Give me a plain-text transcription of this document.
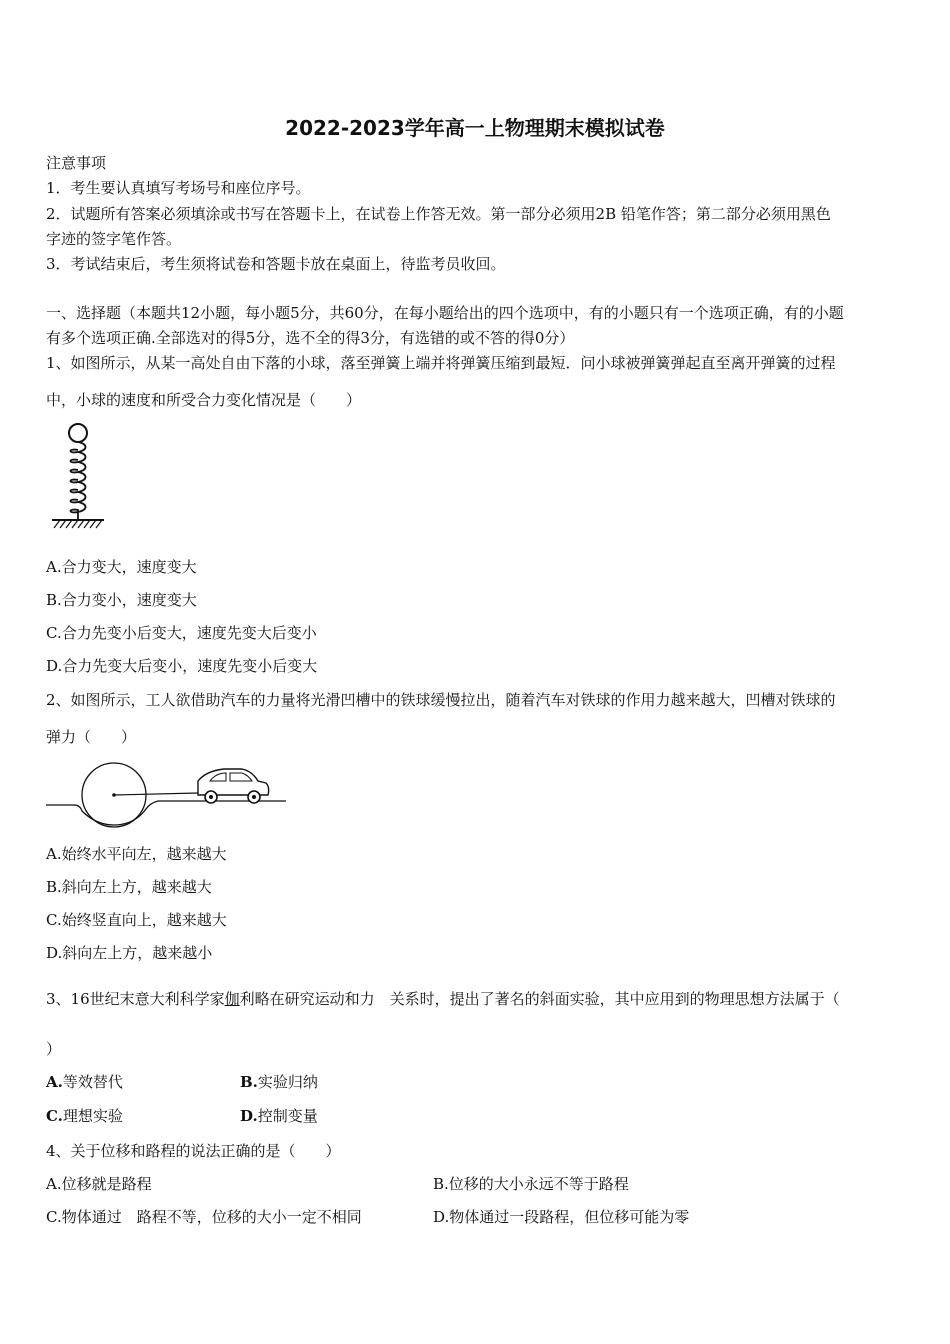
2022-2023学年高一上物理期末模拟试卷
注意事项
1．考生要认真填写考场号和座位序号。
2．试题所有答案必须填涂或书写在答题卡上，在试卷上作答无效。第一部分必须用2B 铅笔作答；第二部分必须用黑色
字迹的签字笔作答。
3．考试结束后，考生须将试卷和答题卡放在桌面上，待监考员收回。
一、选择题（本题共12小题，每小题5分，共60分，在每小题给出的四个选项中，有的小题只有一个选项正确，有的小题
有多个选项正确.全部选对的得5分，选不全的得3分，有选错的或不答的得0分）
1、如图所示，从某一高处自由下落的小球，落至弹簧上端并将弹簧压缩到最短．问小球被弹簧弹起直至离开弹簧的过程
中，小球的速度和所受合力变化情况是（　　）
A.合力变大，速度变大
B.合力变小，速度变大
C.合力先变小后变大，速度先变大后变小
D.合力先变大后变小，速度先变小后变大
2、如图所示，工人欲借助汽车的力量将光滑凹槽中的铁球缓慢拉出，随着汽车对铁球的作用力越来越大，凹槽对铁球的
弹力（　　）
A.始终水平向左，越来越大
B.斜向左上方，越来越大
C.始终竖直向上，越来越大
D.斜向左上方，越来越小
3、16世纪末意大利科学家伽利略在研究运动和力　关系时，提出了著名的斜面实验，其中应用到的物理思想方法属于（
）
A.等效替代	B.实验归纳
C.理想实验	D.控制变量
4、关于位移和路程的说法正确的是（　　）
A.位移就是路程	B.位移的大小永远不等于路程
C.物体通过　路程不等，位移的大小一定不相同	D.物体通过一段路程，但位移可能为零
